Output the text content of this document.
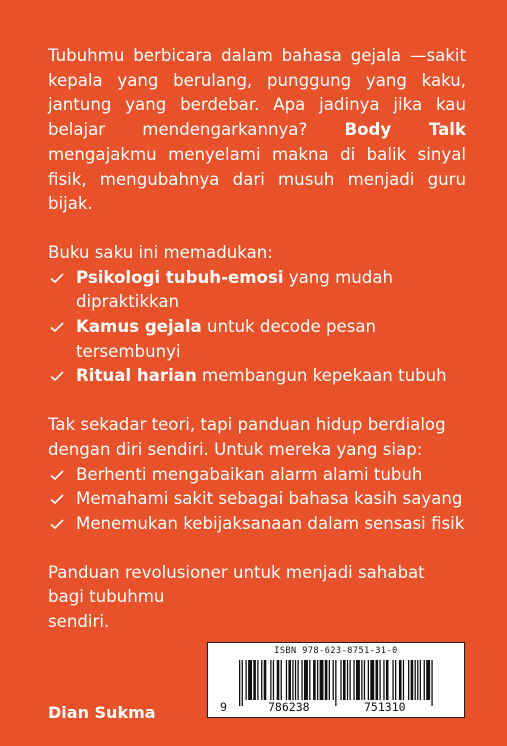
Tubuhmu berbicara dalam bahasa gejala —sakit kepala yang berulang, punggung yang kaku, jantung yang berdebar. Apa jadinya jika kau belajar mendengarkannya? Body Talk mengajakmu menyelami makna di balik sinyal fisik, mengubahnya dari musuh menjadi guru bijak.

Buku saku ini memadukan:

Psikologi tubuh-emosi yang mudah dipraktikkan
Kamus gejala untuk decode pesan tersembunyi
Ritual harian membangun kepekaan tubuh

Tak sekadar teori, tapi panduan hidup berdialog dengan diri sendiri. Untuk mereka yang siap:

Berhenti mengabaikan alarm alami tubuh
Memahami sakit sebagai bahasa kasih sayang
Menemukan kebijaksanaan dalam sensasi fisik
Panduan revolusioner untuk menjadi sahabat
bagi tubuhmu
sendiri.
Dian Sukma
ISBN 978-623-8751-31-0
9	786238	751310
